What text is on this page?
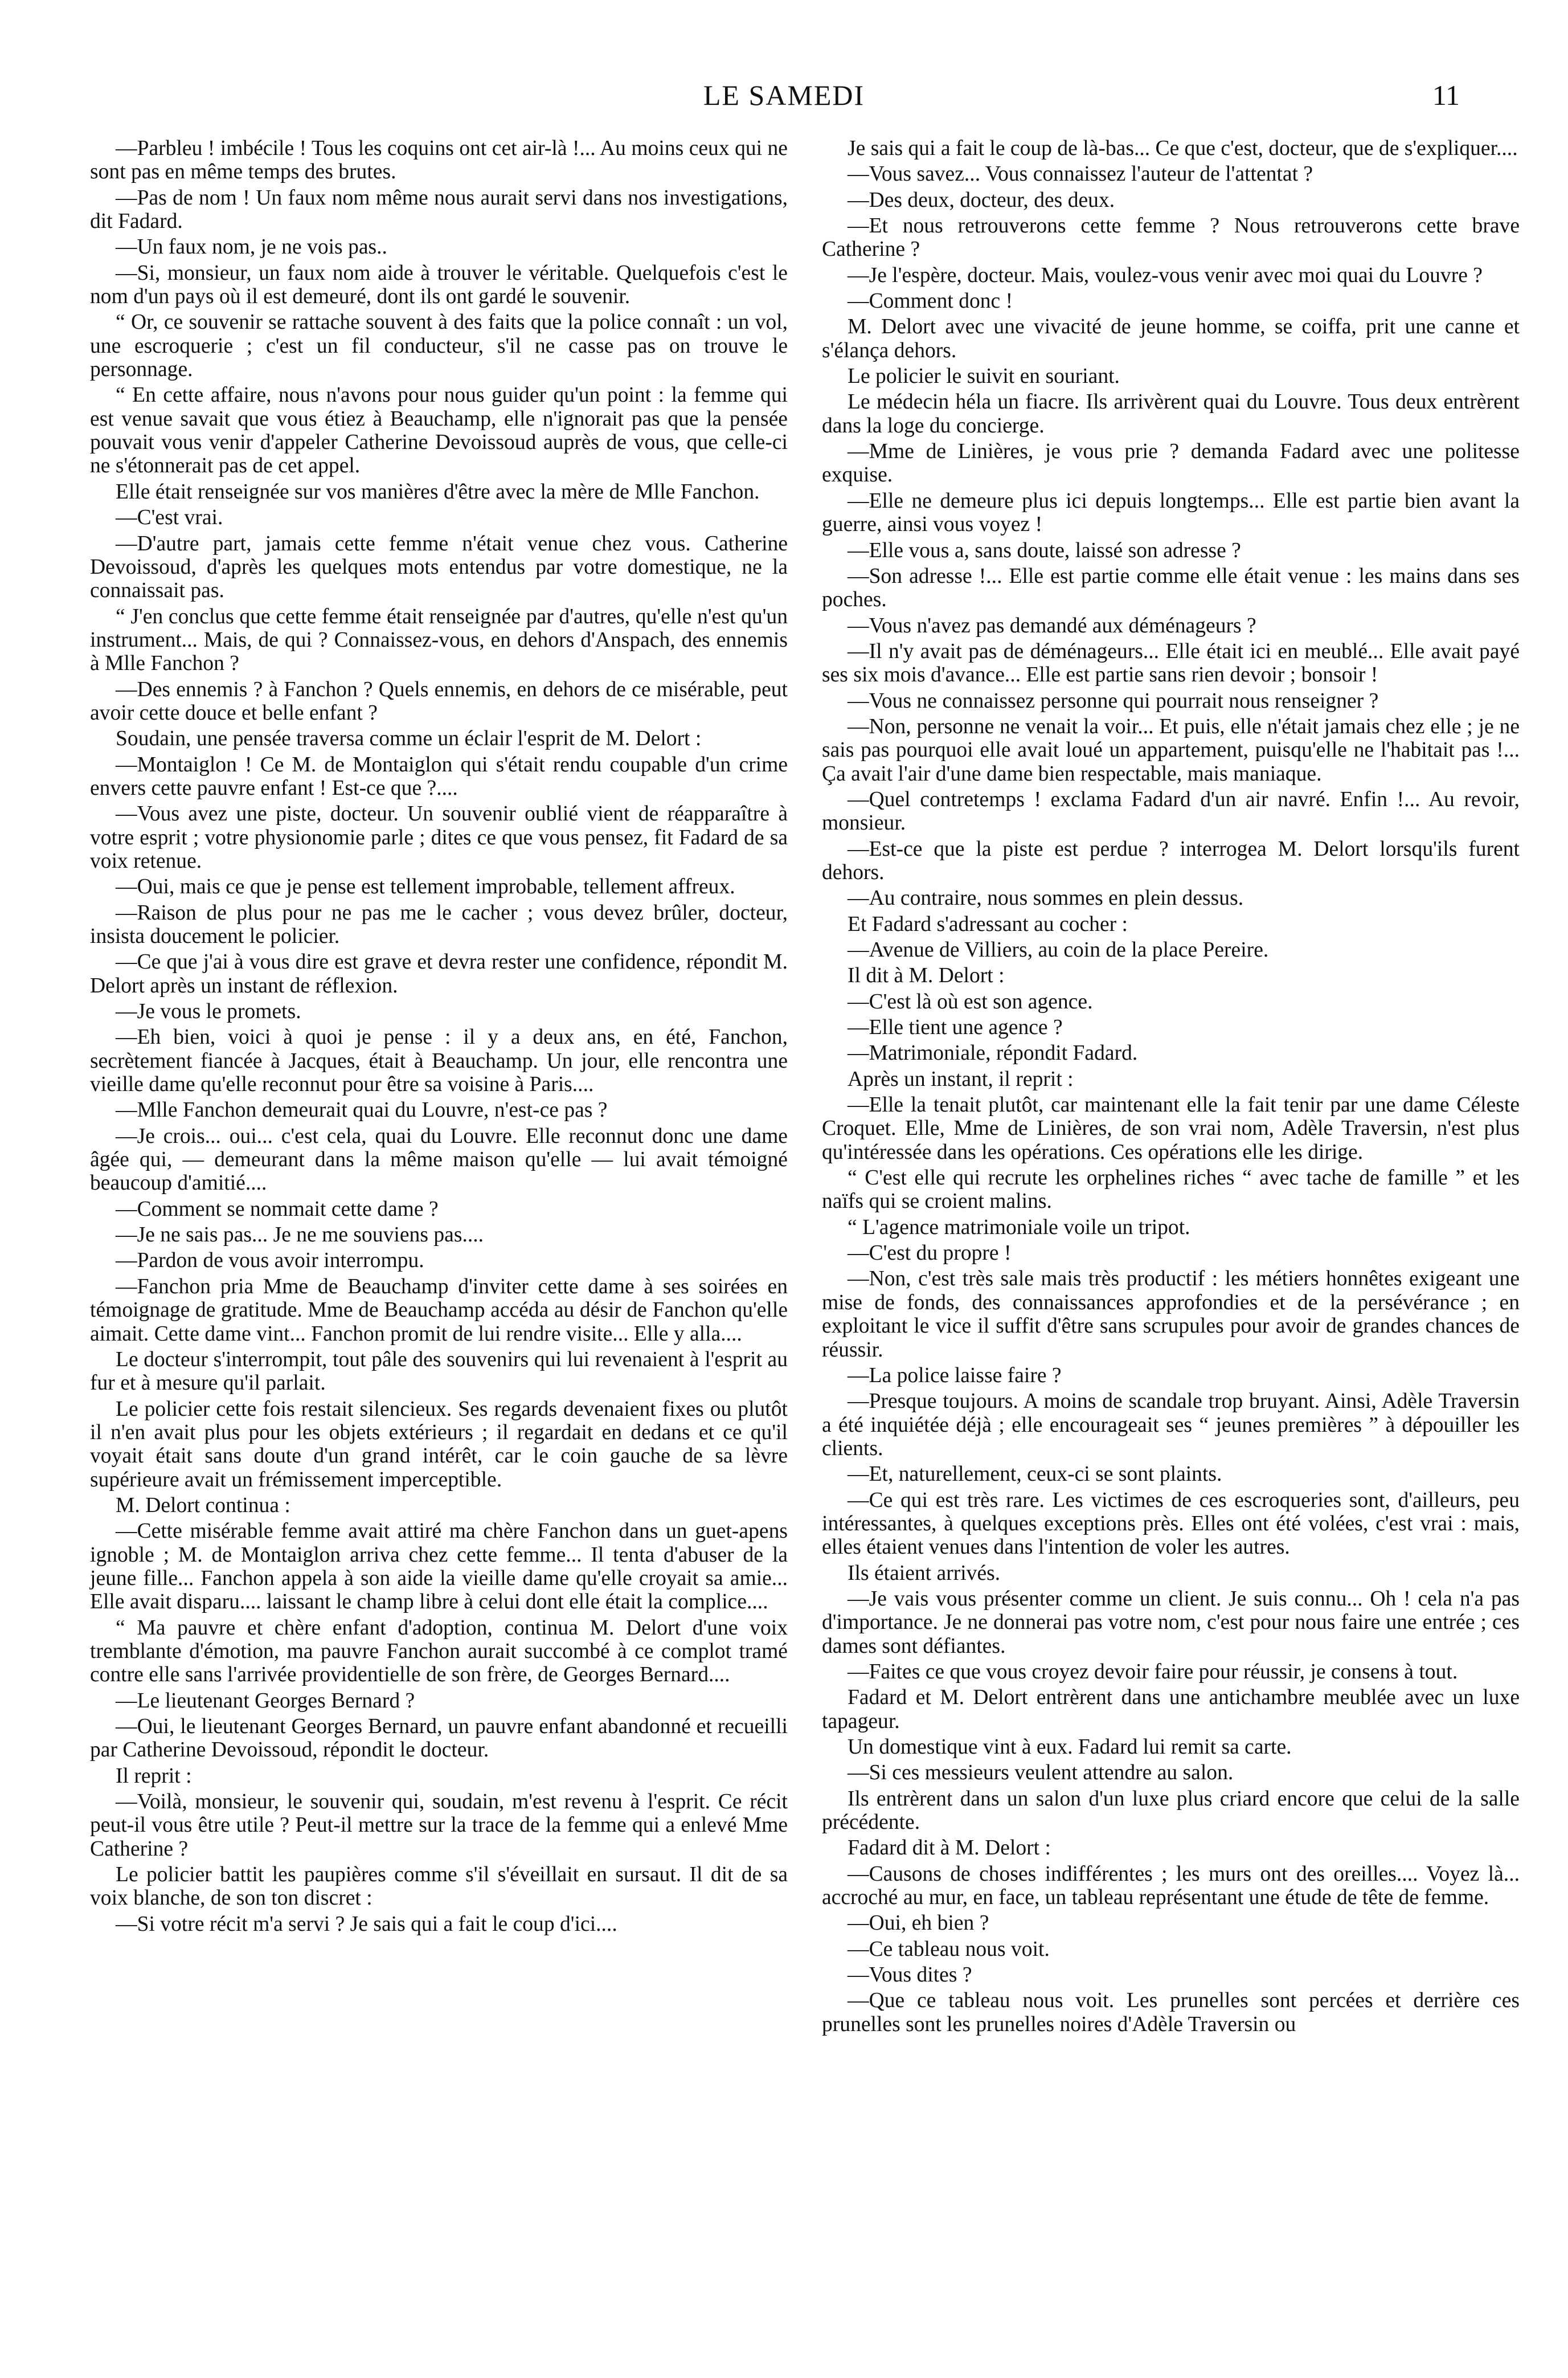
LE SAMEDI	11

—Parbleu ! imbécile ! Tous les coquins ont cet air-là !... Au moins ceux qui ne sont pas en même temps des brutes.

—Pas de nom ! Un faux nom même nous aurait servi dans nos investigations, dit Fadard.

—Un faux nom, je ne vois pas..

—Si, monsieur, un faux nom aide à trouver le véritable. Quelquefois c'est le nom d'un pays où il est demeuré, dont ils ont gardé le souvenir.

“ Or, ce souvenir se rattache souvent à des faits que la police connaît : un vol, une escroquerie ; c'est un fil conducteur, s'il ne casse pas on trouve le personnage.

“ En cette affaire, nous n'avons pour nous guider qu'un point : la femme qui est venue savait que vous étiez à Beauchamp, elle n'ignorait pas que la pensée pouvait vous venir d'appeler Catherine Devoissoud auprès de vous, que celle-ci ne s'étonnerait pas de cet appel.

Elle était renseignée sur vos manières d'être avec la mère de Mlle Fanchon.

—C'est vrai.

—D'autre part, jamais cette femme n'était venue chez vous. Catherine Devoissoud, d'après les quelques mots entendus par votre domestique, ne la connaissait pas.

“ J'en conclus que cette femme était renseignée par d'autres, qu'elle n'est qu'un instrument... Mais, de qui ? Connaissez-vous, en dehors d'Anspach, des ennemis à Mlle Fanchon ?

—Des ennemis ? à Fanchon ? Quels ennemis, en dehors de ce misérable, peut avoir cette douce et belle enfant ?

Soudain, une pensée traversa comme un éclair l'esprit de M. Delort :

—Montaiglon ! Ce M. de Montaiglon qui s'était rendu coupable d'un crime envers cette pauvre enfant ! Est-ce que ?....

—Vous avez une piste, docteur. Un souvenir oublié vient de réapparaître à votre esprit ; votre physionomie parle ; dites ce que vous pensez, fit Fadard de sa voix retenue.

—Oui, mais ce que je pense est tellement improbable, tellement affreux.

—Raison de plus pour ne pas me le cacher ; vous devez brûler, docteur, insista doucement le policier.

—Ce que j'ai à vous dire est grave et devra rester une confidence, répondit M. Delort après un instant de réflexion.

—Je vous le promets.

—Eh bien, voici à quoi je pense : il y a deux ans, en été, Fanchon, secrètement fiancée à Jacques, était à Beauchamp. Un jour, elle rencontra une vieille dame qu'elle reconnut pour être sa voisine à Paris....

—Mlle Fanchon demeurait quai du Louvre, n'est-ce pas ?

—Je crois... oui... c'est cela, quai du Louvre. Elle reconnut donc une dame âgée qui, — demeurant dans la même maison qu'elle — lui avait témoigné beaucoup d'amitié....

—Comment se nommait cette dame ?

—Je ne sais pas... Je ne me souviens pas....

—Pardon de vous avoir interrompu.

—Fanchon pria Mme de Beauchamp d'inviter cette dame à ses soirées en témoignage de gratitude. Mme de Beauchamp accéda au désir de Fanchon qu'elle aimait. Cette dame vint... Fanchon promit de lui rendre visite... Elle y alla....

Le docteur s'interrompit, tout pâle des souvenirs qui lui revenaient à l'esprit au fur et à mesure qu'il parlait.

Le policier cette fois restait silencieux. Ses regards devenaient fixes ou plutôt il n'en avait plus pour les objets extérieurs ; il regardait en dedans et ce qu'il voyait était sans doute d'un grand intérêt, car le coin gauche de sa lèvre supérieure avait un frémissement imperceptible.

M. Delort continua :

—Cette misérable femme avait attiré ma chère Fanchon dans un guet-apens ignoble ; M. de Montaiglon arriva chez cette femme... Il tenta d'abuser de la jeune fille... Fanchon appela à son aide la vieille dame qu'elle croyait sa amie... Elle avait disparu.... laissant le champ libre à celui dont elle était la complice....

“ Ma pauvre et chère enfant d'adoption, continua M. Delort d'une voix tremblante d'émotion, ma pauvre Fanchon aurait succombé à ce complot tramé contre elle sans l'arrivée providentielle de son frère, de Georges Bernard....

—Le lieutenant Georges Bernard ?

—Oui, le lieutenant Georges Bernard, un pauvre enfant abandonné et recueilli par Catherine Devoissoud, répondit le docteur.

Il reprit :

—Voilà, monsieur, le souvenir qui, soudain, m'est revenu à l'esprit. Ce récit peut-il vous être utile ? Peut-il mettre sur la trace de la femme qui a enlevé Mme Catherine ?

Le policier battit les paupières comme s'il s'éveillait en sursaut. Il dit de sa voix blanche, de son ton discret :

—Si votre récit m'a servi ? Je sais qui a fait le coup d'ici....

Je sais qui a fait le coup de là-bas... Ce que c'est, docteur, que de s'expliquer....

—Vous savez... Vous connaissez l'auteur de l'attentat ?

—Des deux, docteur, des deux.

—Et nous retrouverons cette femme ? Nous retrouverons cette brave Catherine ?

—Je l'espère, docteur. Mais, voulez-vous venir avec moi quai du Louvre ?

—Comment donc !

M. Delort avec une vivacité de jeune homme, se coiffa, prit une canne et s'élança dehors.

Le policier le suivit en souriant.

Le médecin héla un fiacre. Ils arrivèrent quai du Louvre. Tous deux entrèrent dans la loge du concierge.

—Mme de Linières, je vous prie ? demanda Fadard avec une politesse exquise.

—Elle ne demeure plus ici depuis longtemps... Elle est partie bien avant la guerre, ainsi vous voyez !

—Elle vous a, sans doute, laissé son adresse ?

—Son adresse !... Elle est partie comme elle était venue : les mains dans ses poches.

—Vous n'avez pas demandé aux déménageurs ?

—Il n'y avait pas de déménageurs... Elle était ici en meublé... Elle avait payé ses six mois d'avance... Elle est partie sans rien devoir ; bonsoir !

—Vous ne connaissez personne qui pourrait nous renseigner ?

—Non, personne ne venait la voir... Et puis, elle n'était jamais chez elle ; je ne sais pas pourquoi elle avait loué un appartement, puisqu'elle ne l'habitait pas !... Ça avait l'air d'une dame bien respectable, mais maniaque.

—Quel contretemps ! exclama Fadard d'un air navré. Enfin !... Au revoir, monsieur.

—Est-ce que la piste est perdue ? interrogea M. Delort lorsqu'ils furent dehors.

—Au contraire, nous sommes en plein dessus.

Et Fadard s'adressant au cocher :

—Avenue de Villiers, au coin de la place Pereire.

Il dit à M. Delort :

—C'est là où est son agence.

—Elle tient une agence ?

—Matrimoniale, répondit Fadard.

Après un instant, il reprit :

—Elle la tenait plutôt, car maintenant elle la fait tenir par une dame Céleste Croquet. Elle, Mme de Linières, de son vrai nom, Adèle Traversin, n'est plus qu'intéressée dans les opérations. Ces opérations elle les dirige.

“ C'est elle qui recrute les orphelines riches “ avec tache de famille ” et les naïfs qui se croient malins.

“ L'agence matrimoniale voile un tripot.

—C'est du propre !

—Non, c'est très sale mais très productif : les métiers honnêtes exigeant une mise de fonds, des connaissances approfondies et de la persévérance ; en exploitant le vice il suffit d'être sans scrupules pour avoir de grandes chances de réussir.

—La police laisse faire ?

—Presque toujours. A moins de scandale trop bruyant. Ainsi, Adèle Traversin a été inquiétée déjà ; elle encourageait ses “ jeunes premières ” à dépouiller les clients.

—Et, naturellement, ceux-ci se sont plaints.

—Ce qui est très rare. Les victimes de ces escroqueries sont, d'ailleurs, peu intéressantes, à quelques exceptions près. Elles ont été volées, c'est vrai : mais, elles étaient venues dans l'intention de voler les autres.

Ils étaient arrivés.

—Je vais vous présenter comme un client. Je suis connu... Oh ! cela n'a pas d'importance. Je ne donnerai pas votre nom, c'est pour nous faire une entrée ; ces dames sont défiantes.

—Faites ce que vous croyez devoir faire pour réussir, je consens à tout.

Fadard et M. Delort entrèrent dans une antichambre meublée avec un luxe tapageur.

Un domestique vint à eux. Fadard lui remit sa carte.

—Si ces messieurs veulent attendre au salon.

Ils entrèrent dans un salon d'un luxe plus criard encore que celui de la salle précédente.

Fadard dit à M. Delort :

—Causons de choses indifférentes ; les murs ont des oreilles.... Voyez là... accroché au mur, en face, un tableau représentant une étude de tête de femme.

—Oui, eh bien ?

—Ce tableau nous voit.

—Vous dites ?

—Que ce tableau nous voit. Les prunelles sont percées et derrière ces prunelles sont les prunelles noires d'Adèle Traversin ou
